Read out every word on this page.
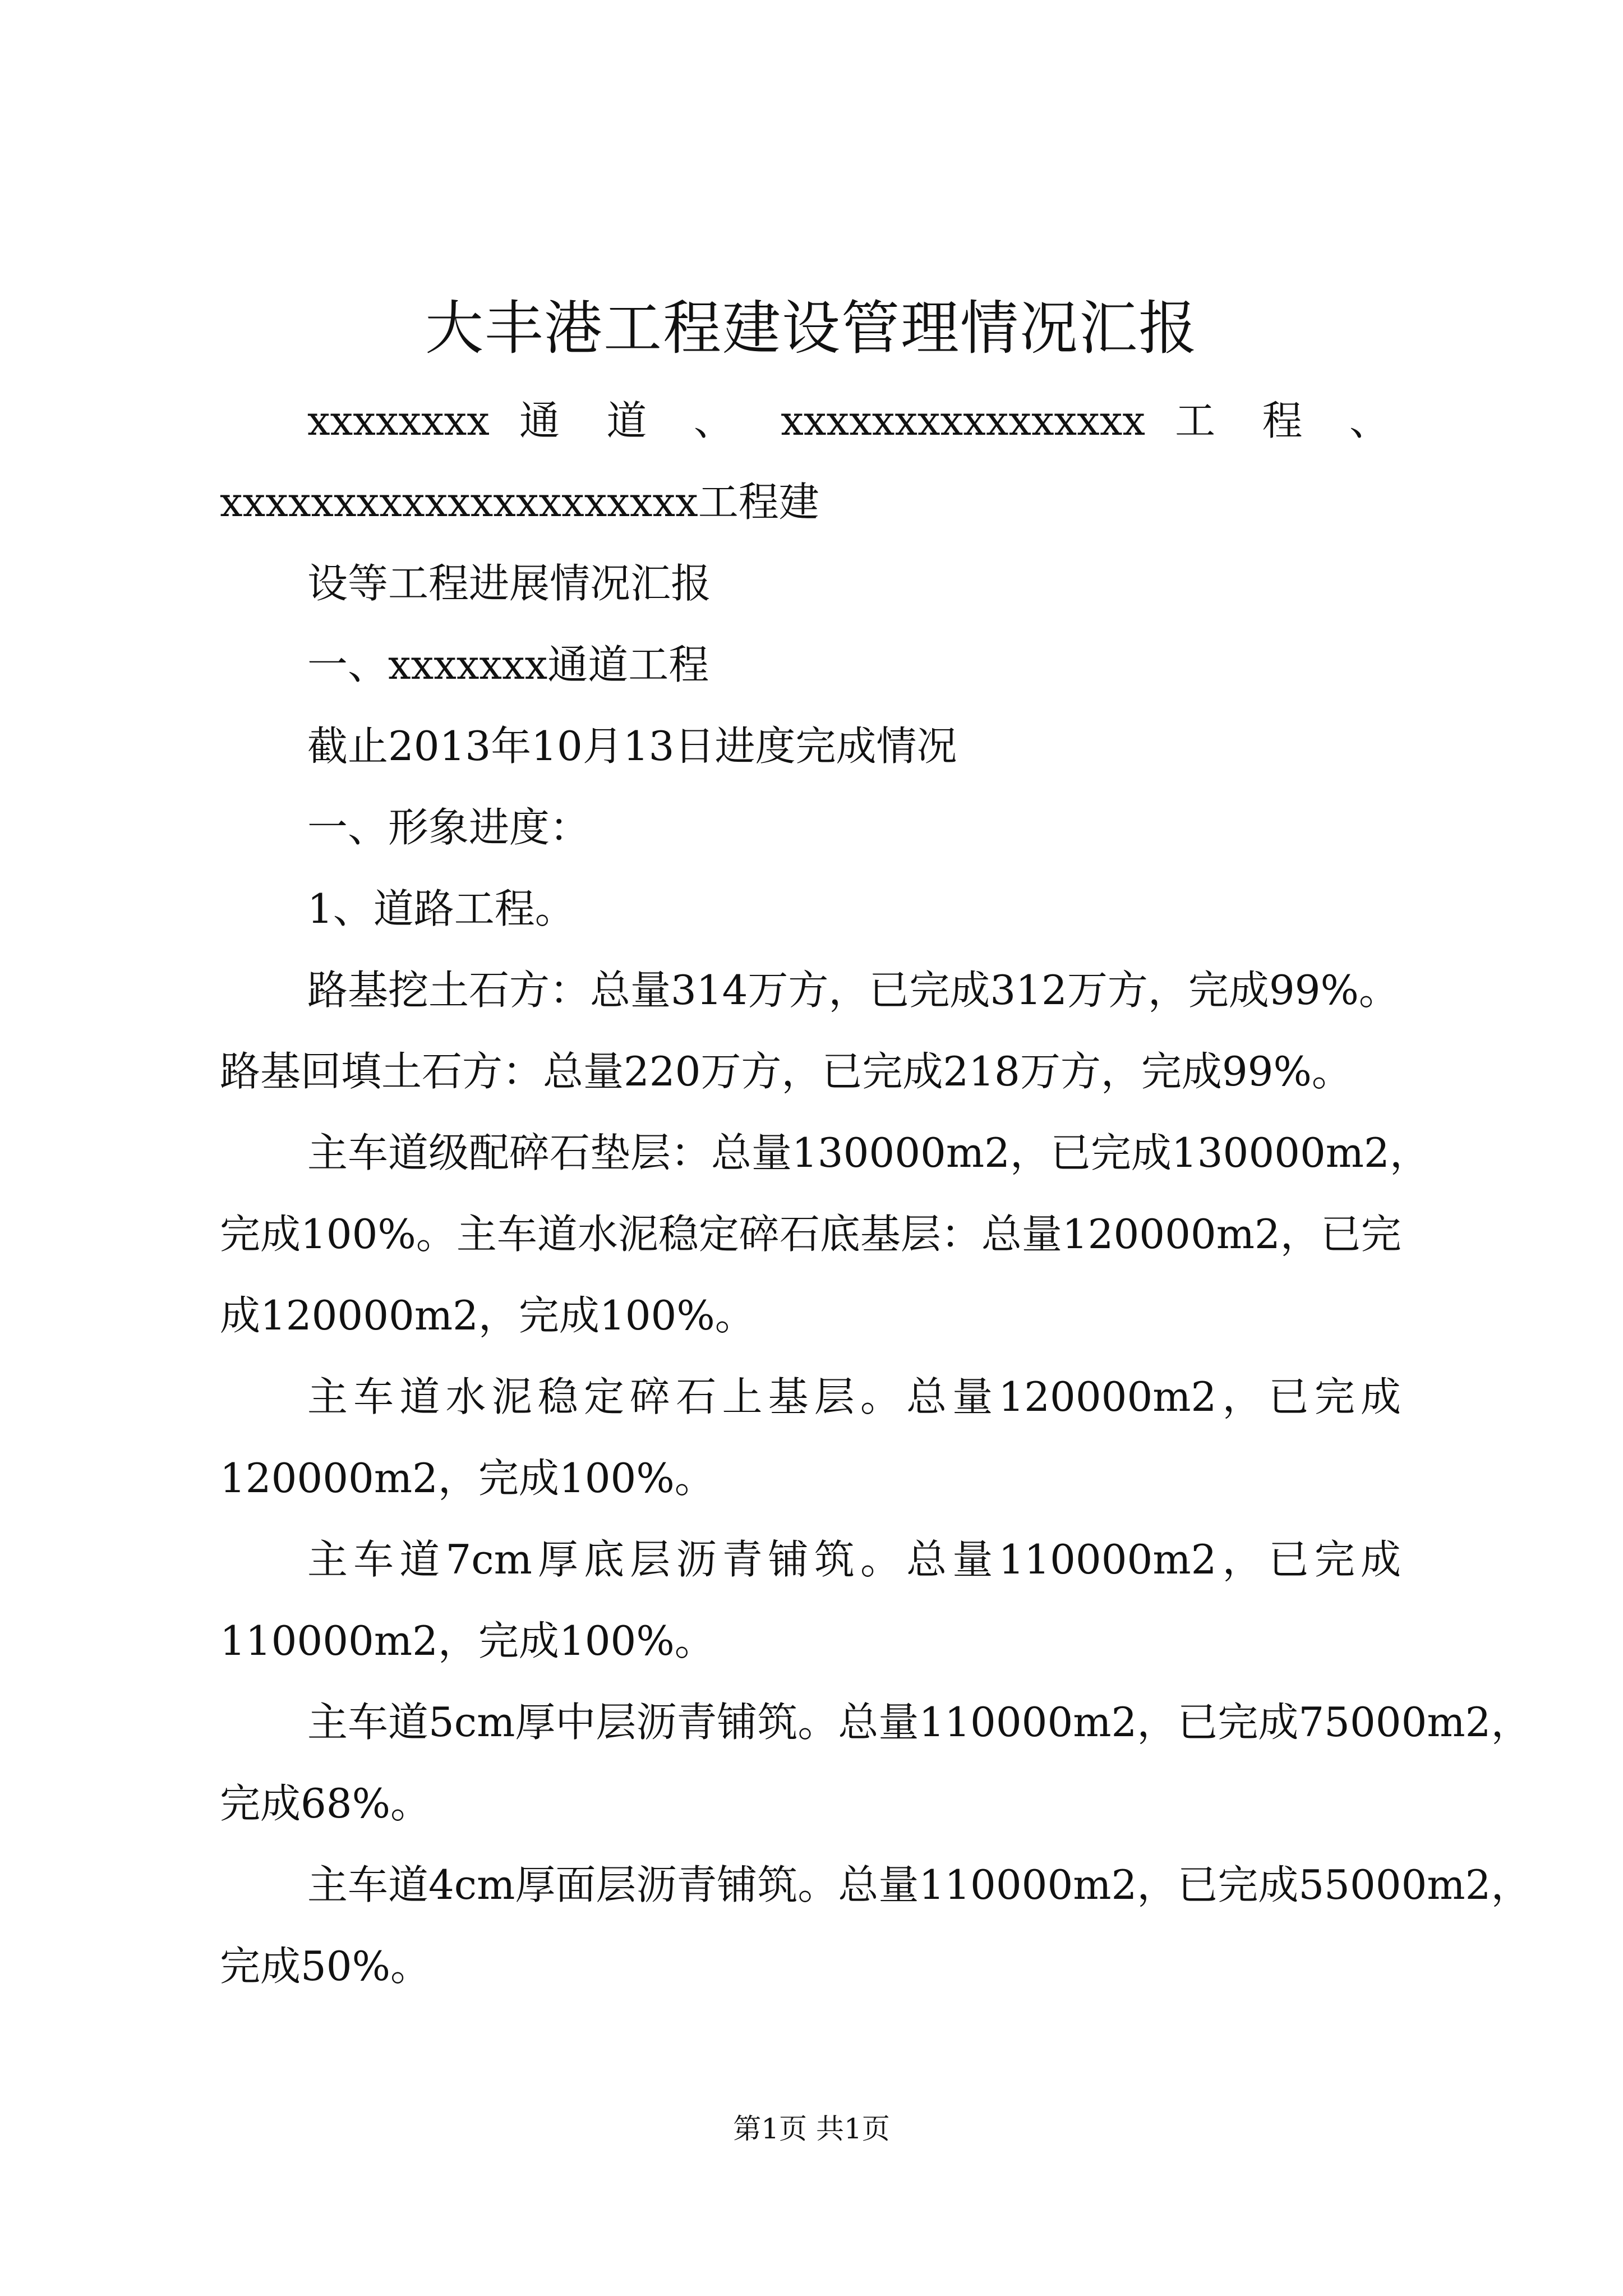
大丰港工程建设管理情况汇报
xxxxxxxx 通 道 、 xxxxxxxxxxxxxxxx 工 程 、
xxxxxxxxxxxxxxxxxxxxx工程建
设等工程进展情况汇报
一、xxxxxxx通道工程
截止2013年10月13日进度完成情况
一、形象进度：
1、道路工程。
路基挖土石方：总量314万方，已完成312万方，完成99%。
路基回填土石方：总量220万方，已完成218万方，完成99%。
主车道级配碎石垫层：总量130000m2，已完成130000m2，
完成100%。主车道水泥稳定碎石底基层：总量120000m2，已完
成120000m2，完成100%。
主车道水泥稳定碎石上基层。总量120000m2，已完成
120000m2，完成100%。
主车道7cm厚底层沥青铺筑。总量110000m2，已完成
110000m2，完成100%。
主车道5cm厚中层沥青铺筑。总量110000m2，已完成75000m2，
完成68%。
主车道4cm厚面层沥青铺筑。总量110000m2，已完成55000m2，
完成50%。
第1页 共1页
